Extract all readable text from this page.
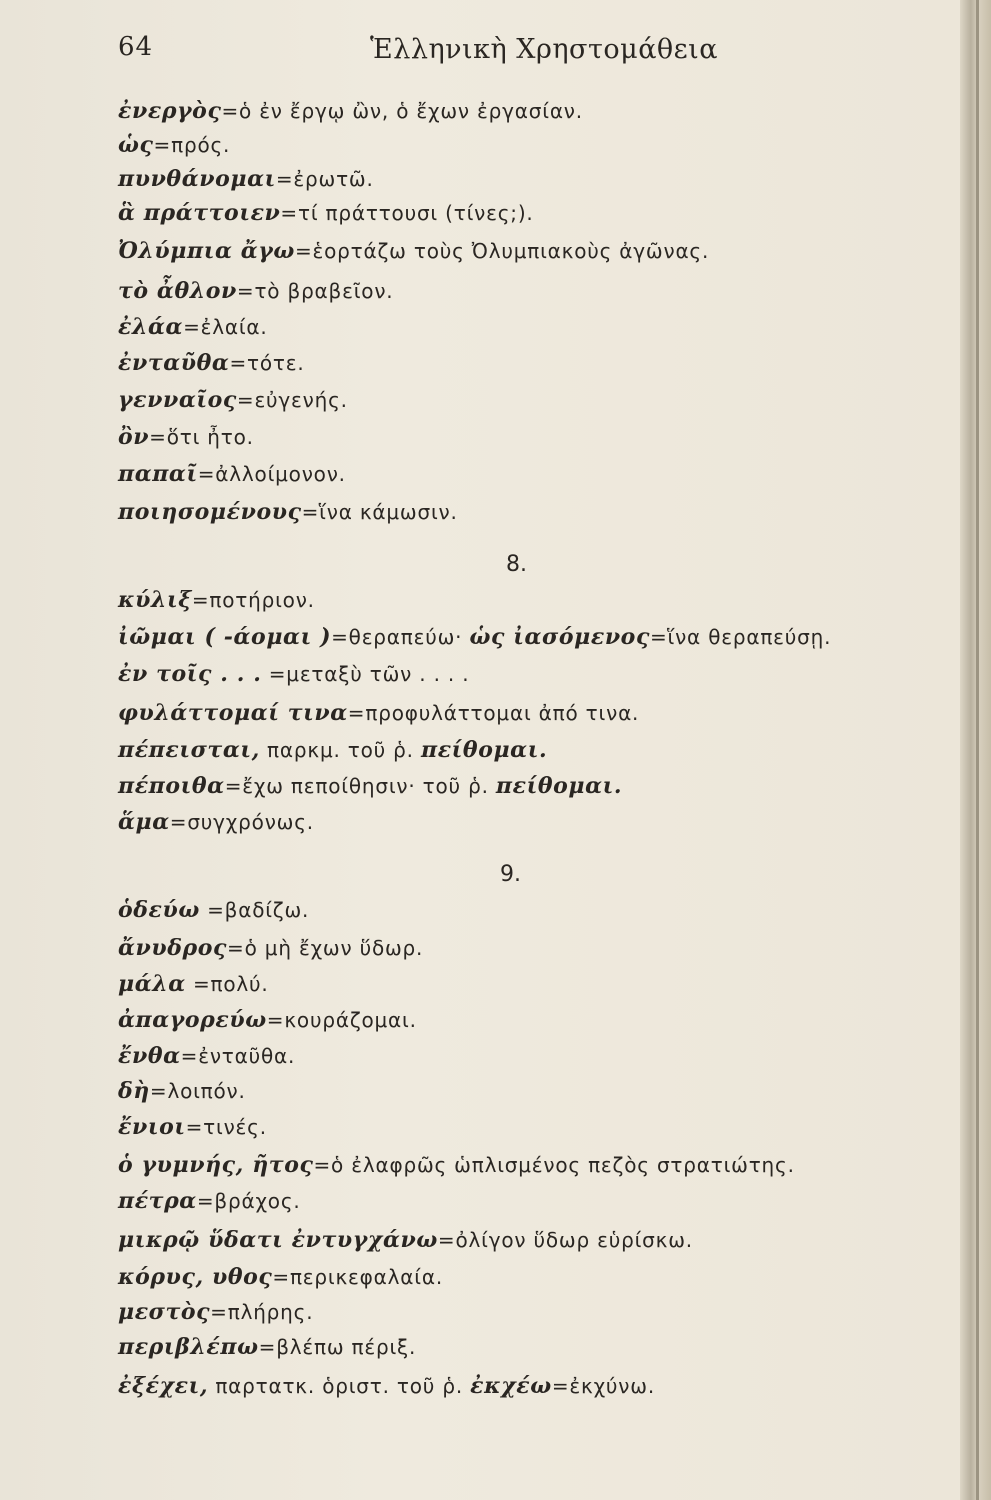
64	Ἑλληνικὴ Χρηστομάθεια
ἐνεργὸς=ὁ ἐν ἔργῳ ὢν, ὁ ἔχων ἐργασίαν.
ὡς=πρός.
πυνθάνομαι=ἐρωτῶ.
ἃ πράττοιεν=τί πράττουσι (τίνες;).
Ὀλύμπια ἄγω=ἑορτάζω τοὺς Ὀλυμπιακοὺς ἀγῶνας.
τὸ ἆθλον=τὸ βραβεῖον.
ἐλάα=ἐλαία.
ἐνταῦθα=τότε.
γενναῖος=εὐγενής.
ὂν=ὅτι ἦτο.
παπαῖ=ἀλλοίμονον.
ποιησομένους=ἵνα κάμωσιν.
8.
κύλιξ=ποτήριον.
ἰῶμαι ( -άομαι )=θεραπεύω· ὡς ἰασόμενος=ἵνα θεραπεύσῃ.
ἐν τοῖς . . . =μεταξὺ τῶν . . . .
φυλάττομαί τινα=προφυλάττομαι ἀπό τινα.
πέπεισται, παρκμ. τοῦ ῥ. πείθομαι.
πέποιθα=ἔχω πεποίθησιν· τοῦ ῥ. πείθομαι.
ἅμα=συγχρόνως.
9.
ὁδεύω =βαδίζω.
ἄνυδρος=ὁ μὴ ἔχων ὕδωρ.
μάλα =πολύ.
ἀπαγορεύω=κουράζομαι.
ἔνθα=ἐνταῦθα.
δὴ=λοιπόν.
ἔνιοι=τινές.
ὁ γυμνής, ῆτος=ὁ ἐλαφρῶς ὡπλισμένος πεζὸς στρατιώτης.
πέτρα=βράχος.
μικρῷ ὕδατι ἐντυγχάνω=ὀλίγον ὕδωρ εὑρίσκω.
κόρυς, υθος=περικεφαλαία.
μεστὸς=πλήρης.
περιβλέπω=βλέπω πέριξ.
ἐξέχει, παρτατκ. ὁριστ. τοῦ ῥ. ἐκχέω=ἐκχύνω.
